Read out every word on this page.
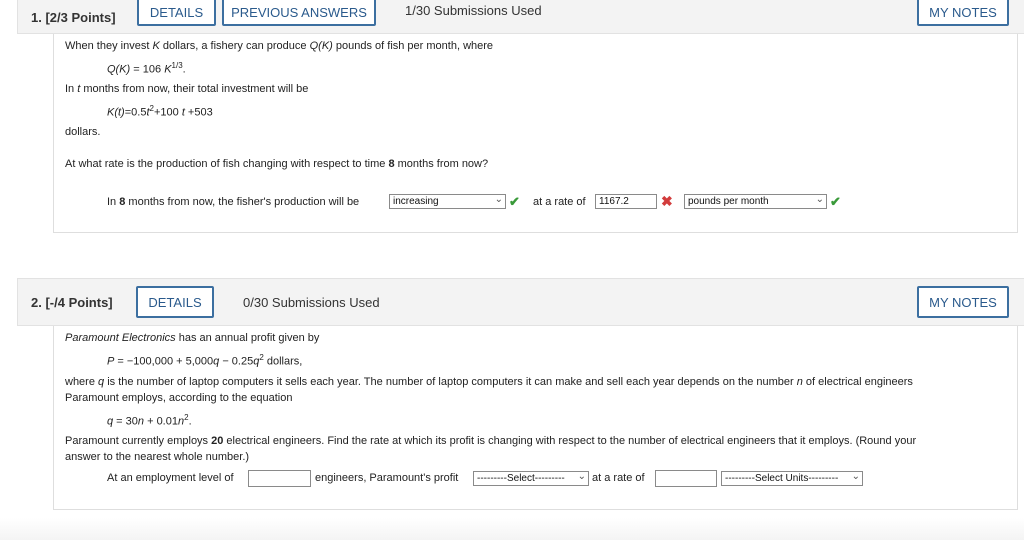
1. [2/3 Points]	DETAILS	PREVIOUS ANSWERS	1/30 Submissions Used	MY NOTES
When they invest K dollars, a fishery can produce Q(K) pounds of fish per month, where
Q(K) = 106 $K^{1/3}$.
In t months from now, their total investment will be
$K(t)=0.5t^2+100$ t +503
dollars.
At what rate is the production of fish changing with respect to time 8 months from now?
In 8 months from now, the fisher's production will be	increasing	⌄ ✔ at a rate of	1167.2	✖	pounds per month	⌄ ✔
2. [-/4 Points]	DETAILS	0/30 Submissions Used	MY NOTES
Paramount Electronics has an annual profit given by
$P = -100,000 + 5,000q - 0.25q^2$ dollars,
where q is the number of laptop computers it sells each year. The number of laptop computers it can make and sell each year depends on the number n of electrical engineers
Paramount employs, according to the equation
$q = 30n + 0.01n^2$.
Paramount currently employs 20 electrical engineers. Find the rate at which its profit is changing with respect to the number of electrical engineers that it employs. (Round your
answer to the nearest whole number.)
At an employment level of	engineers, Paramount's profit	---------Select--------- ⌄ at a rate of	---------Select Units--------- ⌄
